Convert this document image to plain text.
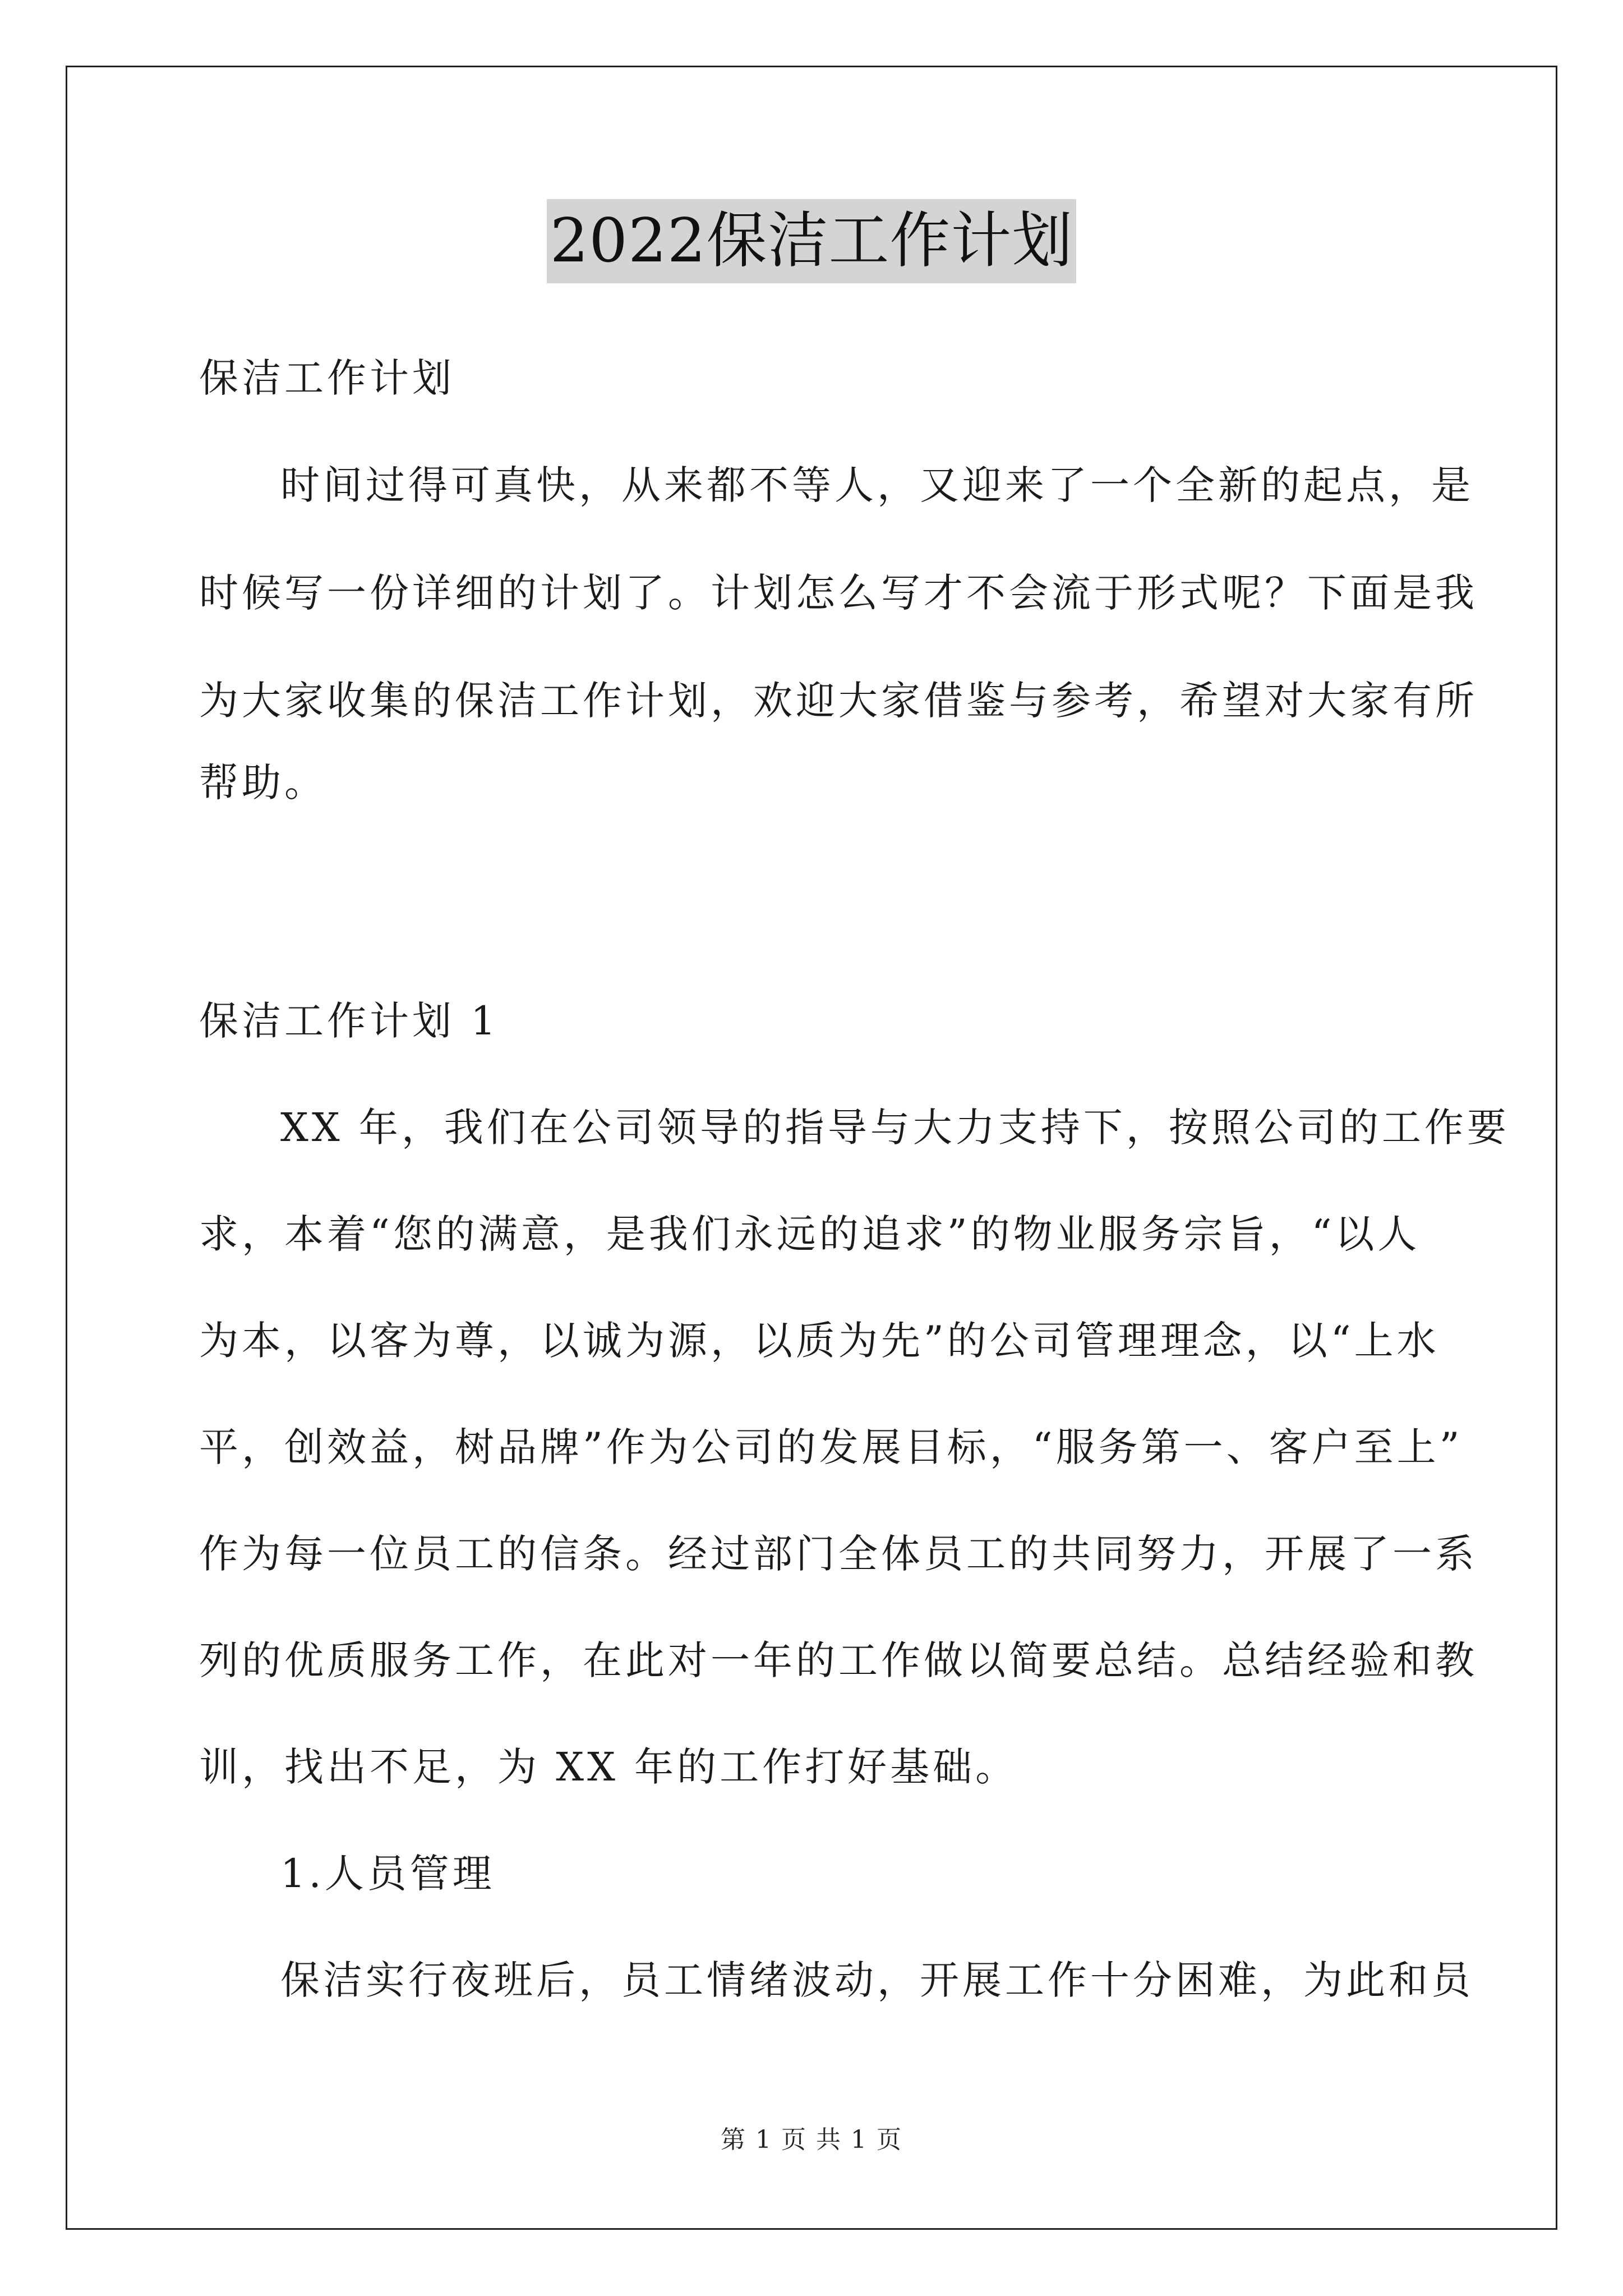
2022保洁工作计划
保洁工作计划
时间过得可真快，从来都不等人，又迎来了一个全新的起点，是
时候写一份详细的计划了。计划怎么写才不会流于形式呢？下面是我
为大家收集的保洁工作计划，欢迎大家借鉴与参考，希望对大家有所
帮助。
保洁工作计划 1
XX 年，我们在公司领导的指导与大力支持下，按照公司的工作要
求，本着“您的满意，是我们永远的追求”的物业服务宗旨，“以人
为本，以客为尊，以诚为源，以质为先”的公司管理理念，以“上水
平，创效益，树品牌”作为公司的发展目标，“服务第一、客户至上”
作为每一位员工的信条。经过部门全体员工的共同努力，开展了一系
列的优质服务工作，在此对一年的工作做以简要总结。总结经验和教
训，找出不足，为 XX 年的工作打好基础。
1.人员管理
保洁实行夜班后，员工情绪波动，开展工作十分困难，为此和员
第 1 页 共 1 页
